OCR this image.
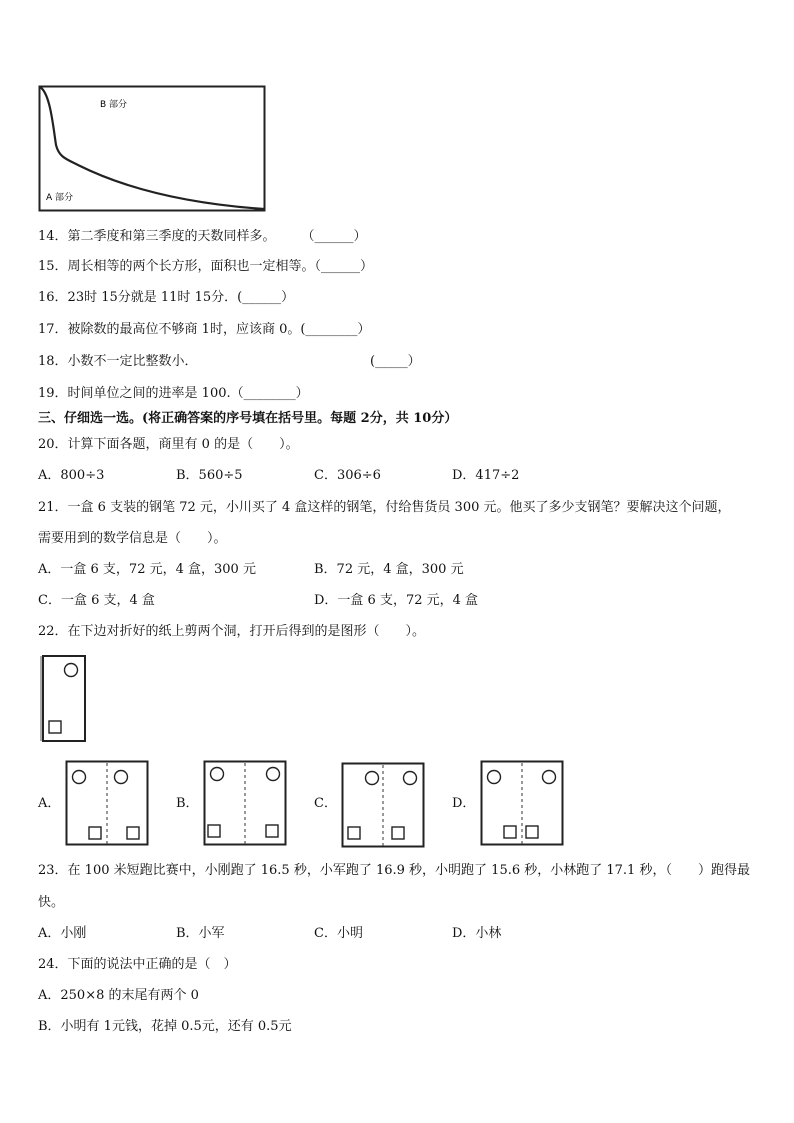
B 部分
A 部分
14．第二季度和第三季度的天数同样多。　　　（______）
15．周长相等的两个长方形，面积也一定相等。（______）
16．23时 15分就是 11时 15分．(______）
17．被除数的最高位不够商 1时，应该商 0。(________）
18．小数不一定比整数小．	(_____）
19．时间单位之间的进率是 100.（________）
三、仔细选一选。(将正确答案的序号填在括号里。每题 2分，共 10分）
20．计算下面各题，商里有 0 的是（　　）。
A．800÷3	B．560÷5	C．306÷6	D．417÷2
21．一盒 6 支装的钢笔 72 元，小川买了 4 盒这样的钢笔，付给售货员 300 元。他买了多少支钢笔？要解决这个问题，
需要用到的数学信息是（　　）。
A．一盒 6 支，72 元，4 盒，300 元	B．72 元，4 盒，300 元
C．一盒 6 支，4 盒	D．一盒 6 支，72 元，4 盒
22．在下边对折好的纸上剪两个洞，打开后得到的是图形（　　）。
A．	B．	C．	D．
23．在 100 米短跑比赛中，小刚跑了 16.5 秒，小军跑了 16.9 秒，小明跑了 15.6 秒，小林跑了 17.1 秒，（　　）跑得最
快。
A．小刚	B．小军	C．小明	D．小林
24．下面的说法中正确的是（　）
A．250×8 的末尾有两个 0
B．小明有 1元钱，花掉 0.5元，还有 0.5元
